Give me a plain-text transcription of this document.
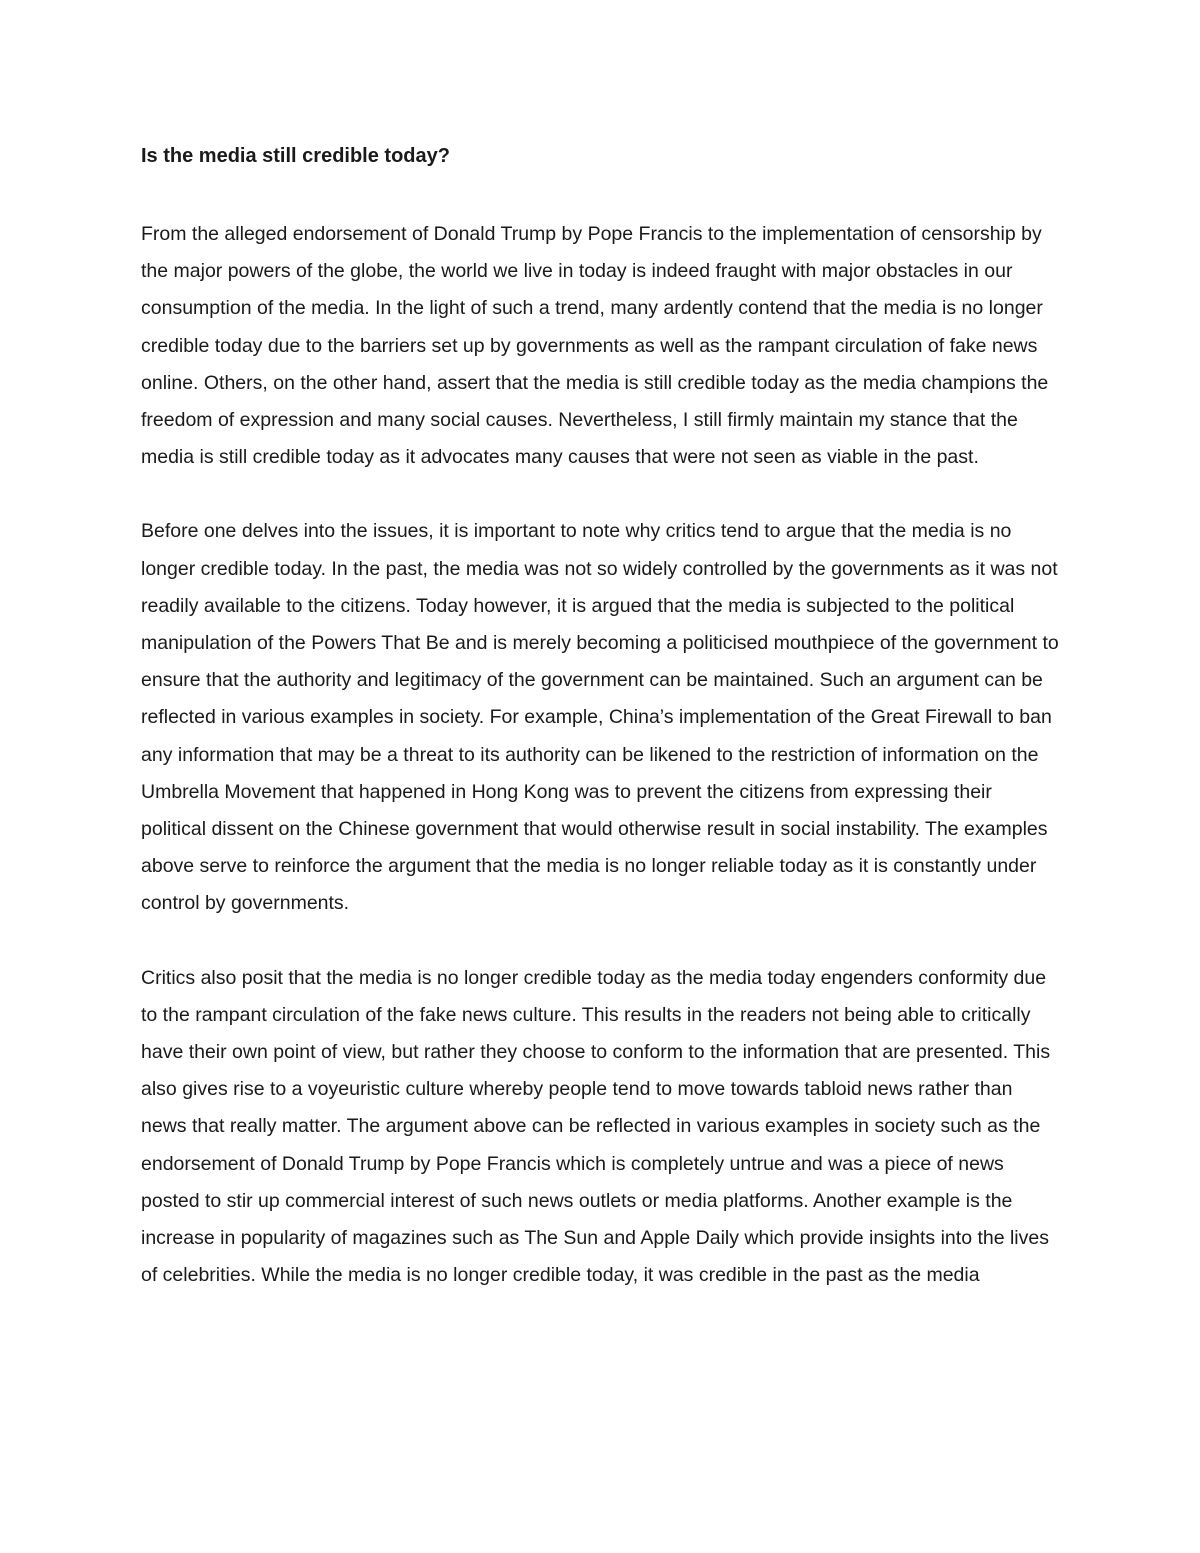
Is the media still credible today?

From the alleged endorsement of Donald Trump by Pope Francis to the implementation of censorship by the major powers of the globe, the world we live in today is indeed fraught with major obstacles in our consumption of the media. In the light of such a trend, many ardently contend that the media is no longer credible today due to the barriers set up by governments as well as the rampant circulation of fake news online. Others, on the other hand, assert that the media is still credible today as the media champions the freedom of expression and many social causes. Nevertheless, I still firmly maintain my stance that the media is still credible today as it advocates many causes that were not seen as viable in the past.

Before one delves into the issues, it is important to note why critics tend to argue that the media is no longer credible today. In the past, the media was not so widely controlled by the governments as it was not readily available to the citizens. Today however, it is argued that the media is subjected to the political manipulation of the Powers That Be and is merely becoming a politicised mouthpiece of the government to ensure that the authority and legitimacy of the government can be maintained. Such an argument can be reflected in various examples in society. For example, China’s implementation of the Great Firewall to ban any information that may be a threat to its authority can be likened to the restriction of information on the Umbrella Movement that happened in Hong Kong was to prevent the citizens from expressing their political dissent on the Chinese government that would otherwise result in social instability. The examples above serve to reinforce the argument that the media is no longer reliable today as it is constantly under control by governments.

Critics also posit that the media is no longer credible today as the media today engenders conformity due to the rampant circulation of the fake news culture. This results in the readers not being able to critically have their own point of view, but rather they choose to conform to the information that are presented. This also gives rise to a voyeuristic culture whereby people tend to move towards tabloid news rather than news that really matter. The argument above can be reflected in various examples in society such as the endorsement of Donald Trump by Pope Francis which is completely untrue and was a piece of news posted to stir up commercial interest of such news outlets or media platforms. Another example is the increase in popularity of magazines such as The Sun and Apple Daily which provide insights into the lives of celebrities. While the media is no longer credible today, it was credible in the past as the media
